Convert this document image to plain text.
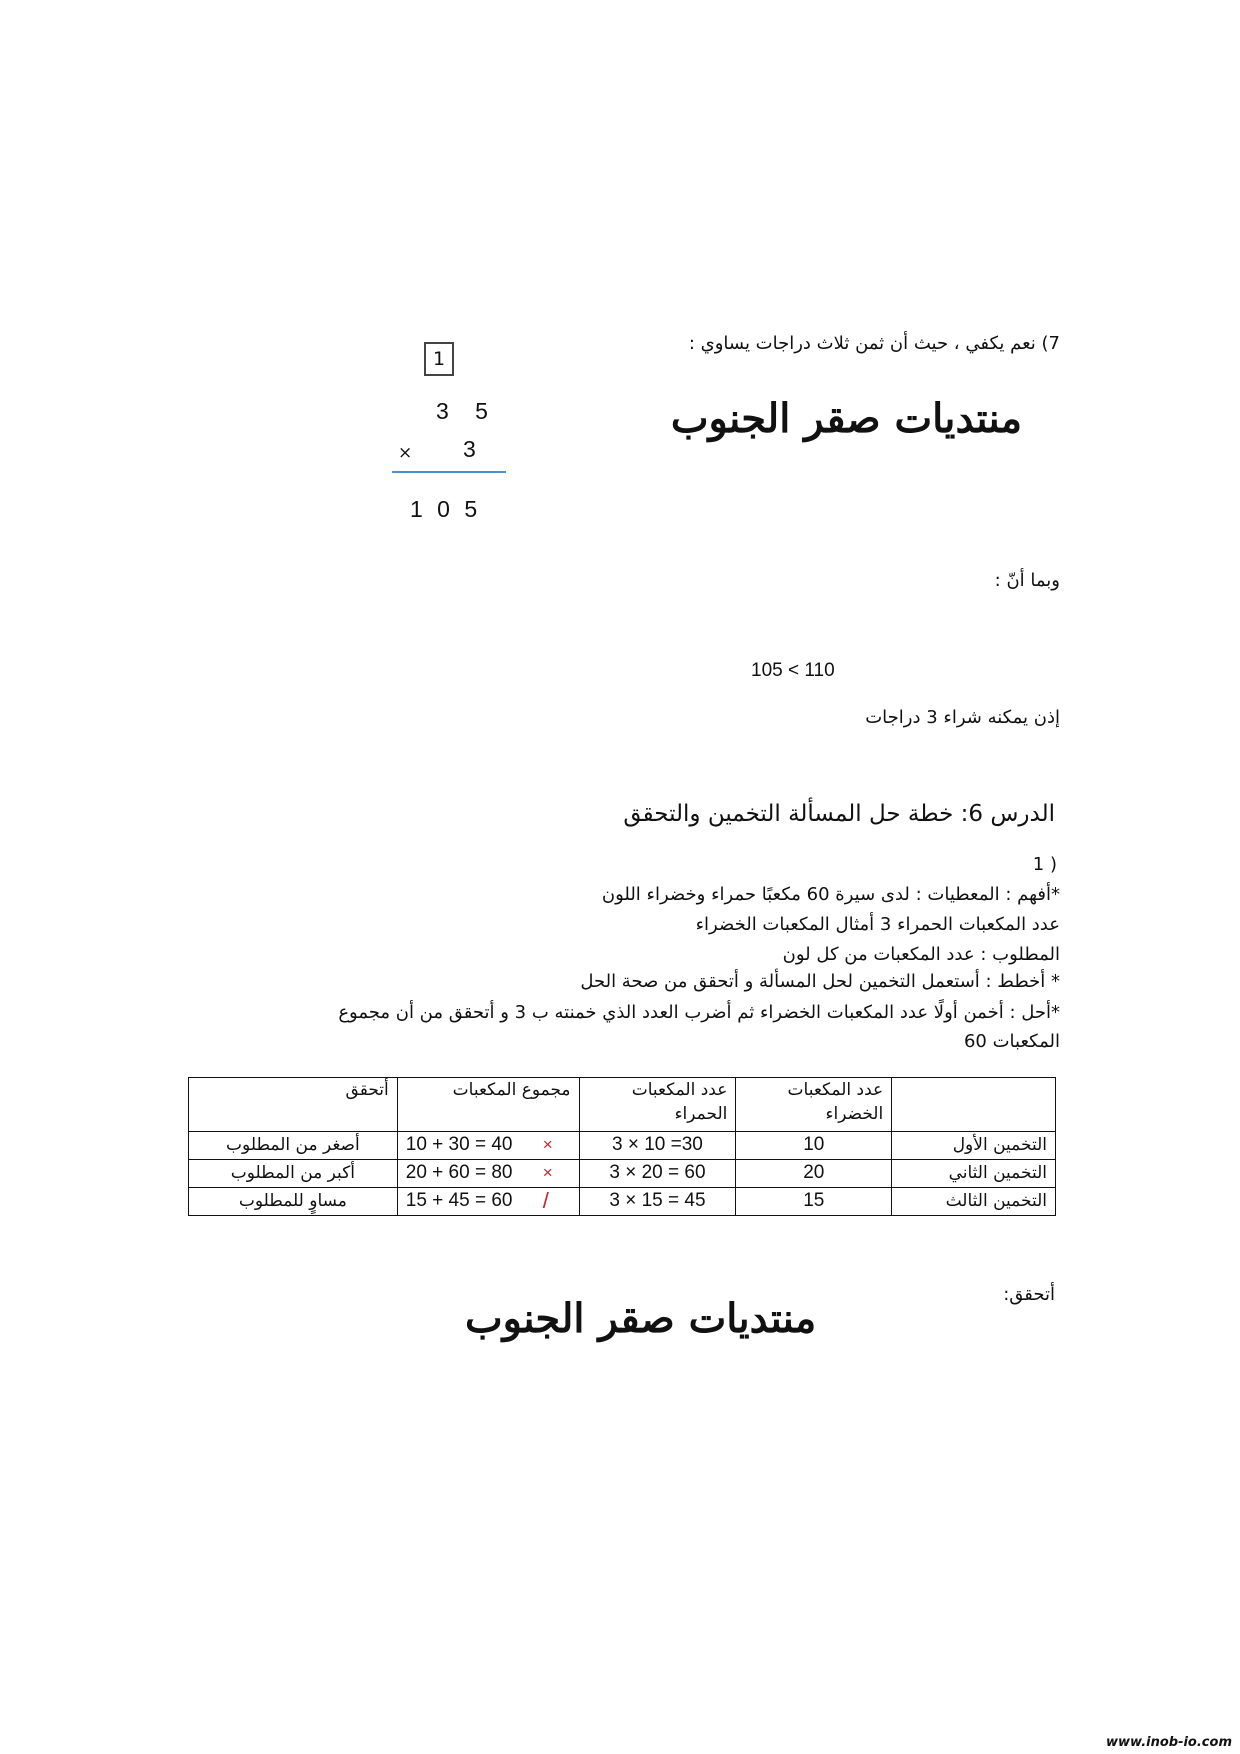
7) نعم يكفي ، حيث أن ثمن ثلاث دراجات يساوي :
1
3 5
× 3
1 0 5
منتديات صقر الجنوب
وبما أنّ :
105 < 110
إذن يمكنه شراء 3 دراجات
الدرس 6: خطة حل المسألة التخمين والتحقق
1 )
*أفهم : المعطيات : لدى سيرة 60 مكعبًا حمراء وخضراء اللون
عدد المكعبات الحمراء 3 أمثال المكعبات الخضراء
المطلوب : عدد المكعبات من كل لون
* أخطط : أستعمل التخمين لحل المسألة و أتحقق من صحة الحل
*أحل : أخمن أولًا عدد المكعبات الخضراء ثم أضرب العدد الذي خمنته ب 3 و أتحقق من أن مجموع
المكعبات 60
	عدد المكعبات الخضراء	عدد المكعبات الحمراء	مجموع المكعبات	أتحقق
التخمين الأول	10	3 × 10 =30	10 + 30 = 40 ×	أصغر من المطلوب
التخمين الثاني	20	3 × 20 = 60	20 + 60 = 80 ×	أكبر من المطلوب
التخمين الثالث	15	3 × 15 = 45	15 + 45 = 60 /	مساوٍ للمطلوب
أتحقق:
منتديات صقر الجنوب
www.inob-io.com
